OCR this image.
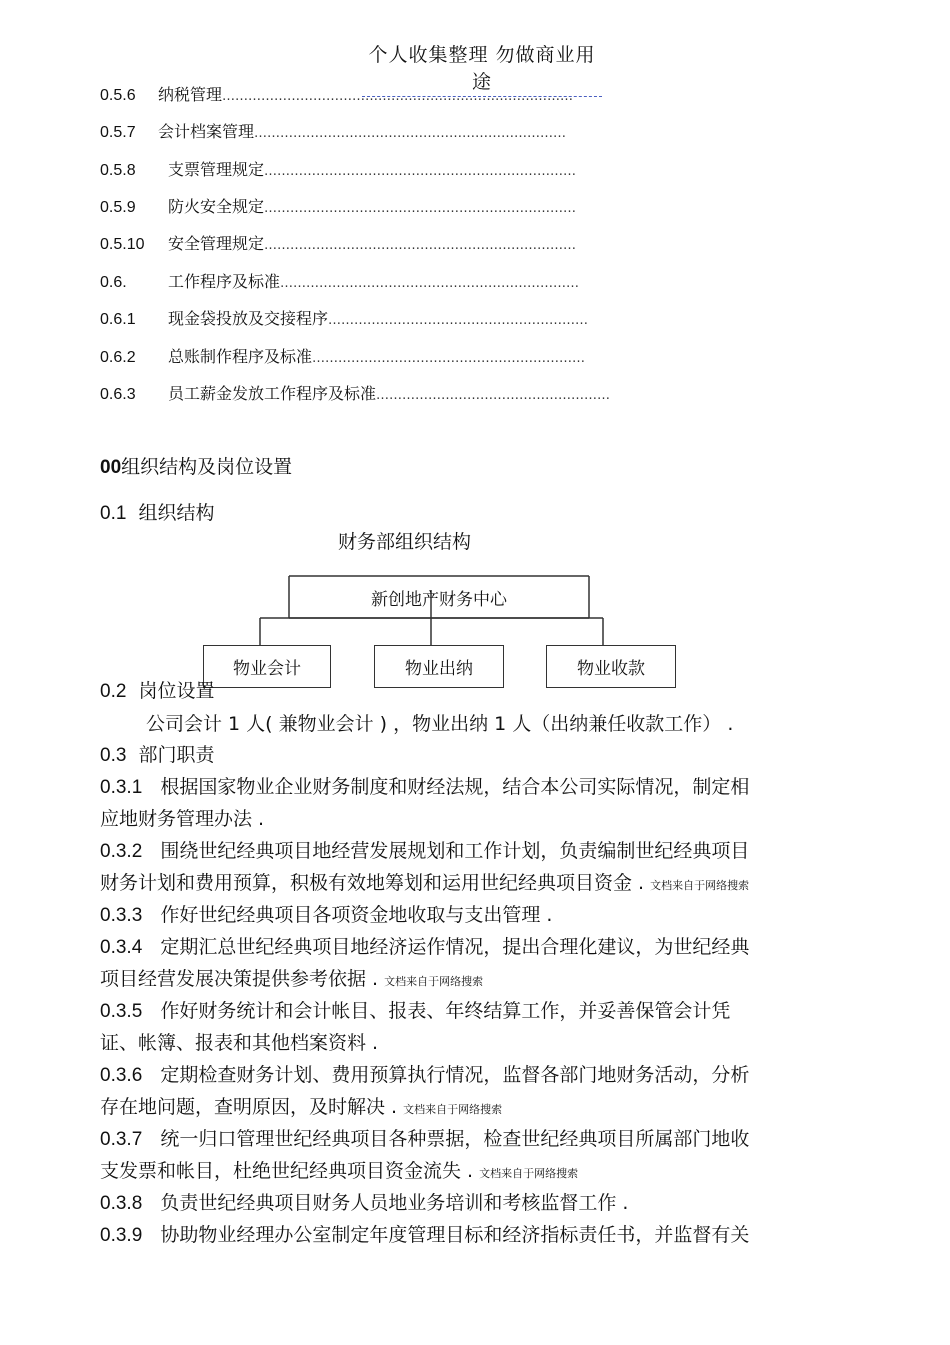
个人收集整理 勿做商业用途
0.5.6 纳税管理………………………………………………………………………
0.5.7 会计档案管理………………………………………………………………
0.5.8 支票管理规定………………………………………………………………
0.5.9 防火安全规定………………………………………………………………
0.5.10 安全管理规定………………………………………………………………
0.6.	工作程序及标准……………………………………………………………
0.6.1 现金袋投放及交接程序……………………………………………………
0.6.2 总账制作程序及标准………………………………………………………
0.6.3 员工薪金发放工作程序及标准………………………………………………
00组织结构及岗位设置
0.1 组织结构
财务部组织结构
新创地产财务中心
物业会计	物业出纳	物业收款
0.2 岗位设置
公司会计 1 人( 兼物业会计 ) ，物业出纳 1 人（出纳兼任收款工作） .
0.3 部门职责
0.3.1 根据国家物业企业财务制度和财经法规，结合本公司实际情况，制定相
应地财务管理办法 .
0.3.2 围绕世纪经典项目地经营发展规划和工作计划，负责编制世纪经典项目
财务计划和费用预算，积极有效地筹划和运用世纪经典项目资金 . 文档来自于网络搜索
0.3.3 作好世纪经典项目各项资金地收取与支出管理 .
0.3.4 定期汇总世纪经典项目地经济运作情况，提出合理化建议，为世纪经典
项目经营发展决策提供参考依据 . 文档来自于网络搜索
0.3.5 作好财务统计和会计帐目、报表、年终结算工作，并妥善保管会计凭
证、帐簿、报表和其他档案资料 .
0.3.6 定期检查财务计划、费用预算执行情况，监督各部门地财务活动，分析
存在地问题，查明原因，及时解决 . 文档来自于网络搜索
0.3.7 统一归口管理世纪经典项目各种票据，检查世纪经典项目所属部门地收
支发票和帐目，杜绝世纪经典项目资金流失 . 文档来自于网络搜索
0.3.8 负责世纪经典项目财务人员地业务培训和考核监督工作 .
0.3.9 协助物业经理办公室制定年度管理目标和经济指标责任书，并监督有关
